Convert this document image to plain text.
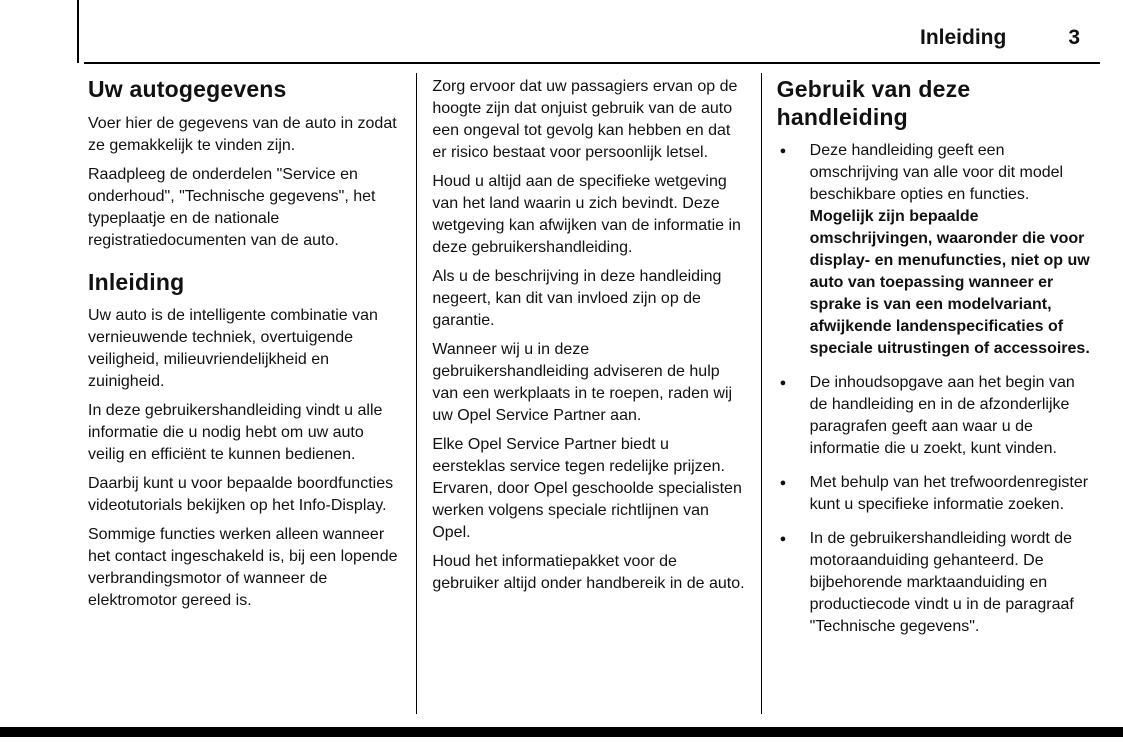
Inleiding	3
Uw autogegevens

Voer hier de gegevens van de auto in zodat ze gemakkelijk te vinden zijn.

Raadpleeg de onderdelen "Service en onderhoud", "Technische gegevens", het typeplaatje en de nationale registratiedocumenten van de auto.

Inleiding

Uw auto is de intelligente combinatie van vernieuwende techniek, overtuigende veiligheid, milieuvriendelijkheid en zuinigheid.

In deze gebruikershandleiding vindt u alle informatie die u nodig hebt om uw auto veilig en efficiënt te kunnen bedienen.

Daarbij kunt u voor bepaalde boordfuncties videotutorials bekijken op het Info-Display.

Sommige functies werken alleen wanneer het contact ingeschakeld is, bij een lopende verbrandingsmotor of wanneer de elektromotor gereed is.

Zorg ervoor dat uw passagiers ervan op de hoogte zijn dat onjuist gebruik van de auto een ongeval tot gevolg kan hebben en dat er risico bestaat voor persoonlijk letsel.

Houd u altijd aan de specifieke wetgeving van het land waarin u zich bevindt. Deze wetgeving kan afwijken van de informatie in deze gebruikershandleiding.

Als u de beschrijving in deze handleiding negeert, kan dit van invloed zijn op de garantie.

Wanneer wij u in deze gebruikershandleiding adviseren de hulp van een werkplaats in te roepen, raden wij uw Opel Service Partner aan.

Elke Opel Service Partner biedt u eersteklas service tegen redelijke prijzen. Ervaren, door Opel geschoolde specialisten werken volgens speciale richtlijnen van Opel.

Houd het informatiepakket voor de gebruiker altijd onder handbereik in de auto.

Gebruik van deze handleiding
● Deze handleiding geeft een omschrijving van alle voor dit model beschikbare opties en functies. Mogelijk zijn bepaalde omschrijvingen, waaronder die voor display- en menufuncties, niet op uw auto van toepassing wanneer er sprake is van een modelvariant, afwijkende landenspecificaties of speciale uitrustingen of accessoires.
● De inhoudsopgave aan het begin van de handleiding en in de afzonderlijke paragrafen geeft aan waar u de informatie die u zoekt, kunt vinden.
● Met behulp van het trefwoordenregister kunt u specifieke informatie zoeken.
● In de gebruikershandleiding wordt de motoraanduiding gehanteerd. De bijbehorende marktaanduiding en productiecode vindt u in de paragraaf "Technische gegevens".
